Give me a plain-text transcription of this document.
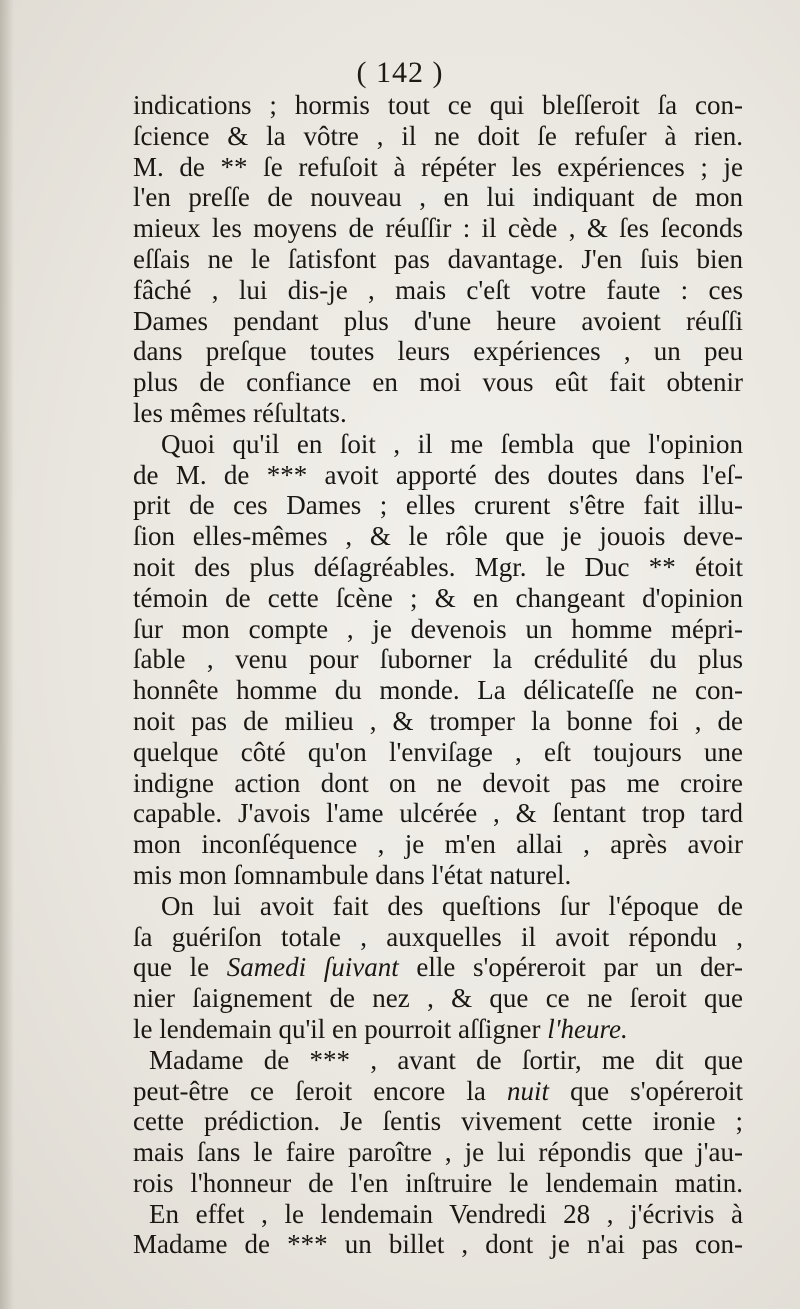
( 142 )
indications ; hormis tout ce qui bleſſeroit ſa con-
ſcience & la vôtre , il ne doit ſe refuſer à rien.
M. de ** ſe refuſoit à répéter les expériences ; je
l'en preſſe de nouveau , en lui indiquant de mon
mieux les moyens de réuſſir : il cède , & ſes ſeconds
eſſais ne le ſatisfont pas davantage. J'en ſuis bien
fâché , lui dis-je , mais c'eſt votre faute : ces
Dames pendant plus d'une heure avoient réuſſi
dans preſque toutes leurs expériences , un peu
plus de confiance en moi vous eût fait obtenir
les mêmes réſultats.
Quoi qu'il en ſoit , il me ſembla que l'opinion
de M. de *** avoit apporté des doutes dans l'eſ-
prit de ces Dames ; elles crurent s'être fait illu-
ſion elles-mêmes , & le rôle que je jouois deve-
noit des plus déſagréables. Mgr. le Duc ** étoit
témoin de cette ſcène ; & en changeant d'opinion
ſur mon compte , je devenois un homme mépri-
ſable , venu pour ſuborner la crédulité du plus
honnête homme du monde. La délicateſſe ne con-
noit pas de milieu , & tromper la bonne foi , de
quelque côté qu'on l'enviſage , eſt toujours une
indigne action dont on ne devoit pas me croire
capable. J'avois l'ame ulcérée , & ſentant trop tard
mon inconſéquence , je m'en allai , après avoir
mis mon ſomnambule dans l'état naturel.
On lui avoit fait des queſtions ſur l'époque de
ſa guériſon totale , auxquelles il avoit répondu ,
que le Samedi ſuivant elle s'opéreroit par un der-
nier ſaignement de nez , & que ce ne ſeroit que
le lendemain qu'il en pourroit aſſigner l'heure.
Madame de *** , avant de ſortir, me dit que
peut-être ce ſeroit encore la nuit que s'opéreroit
cette prédiction. Je ſentis vivement cette ironie ;
mais ſans le faire paroître , je lui répondis que j'au-
rois l'honneur de l'en inſtruire le lendemain matin.
En effet , le lendemain Vendredi 28 , j'écrivis à
Madame de *** un billet , dont je n'ai pas con-
